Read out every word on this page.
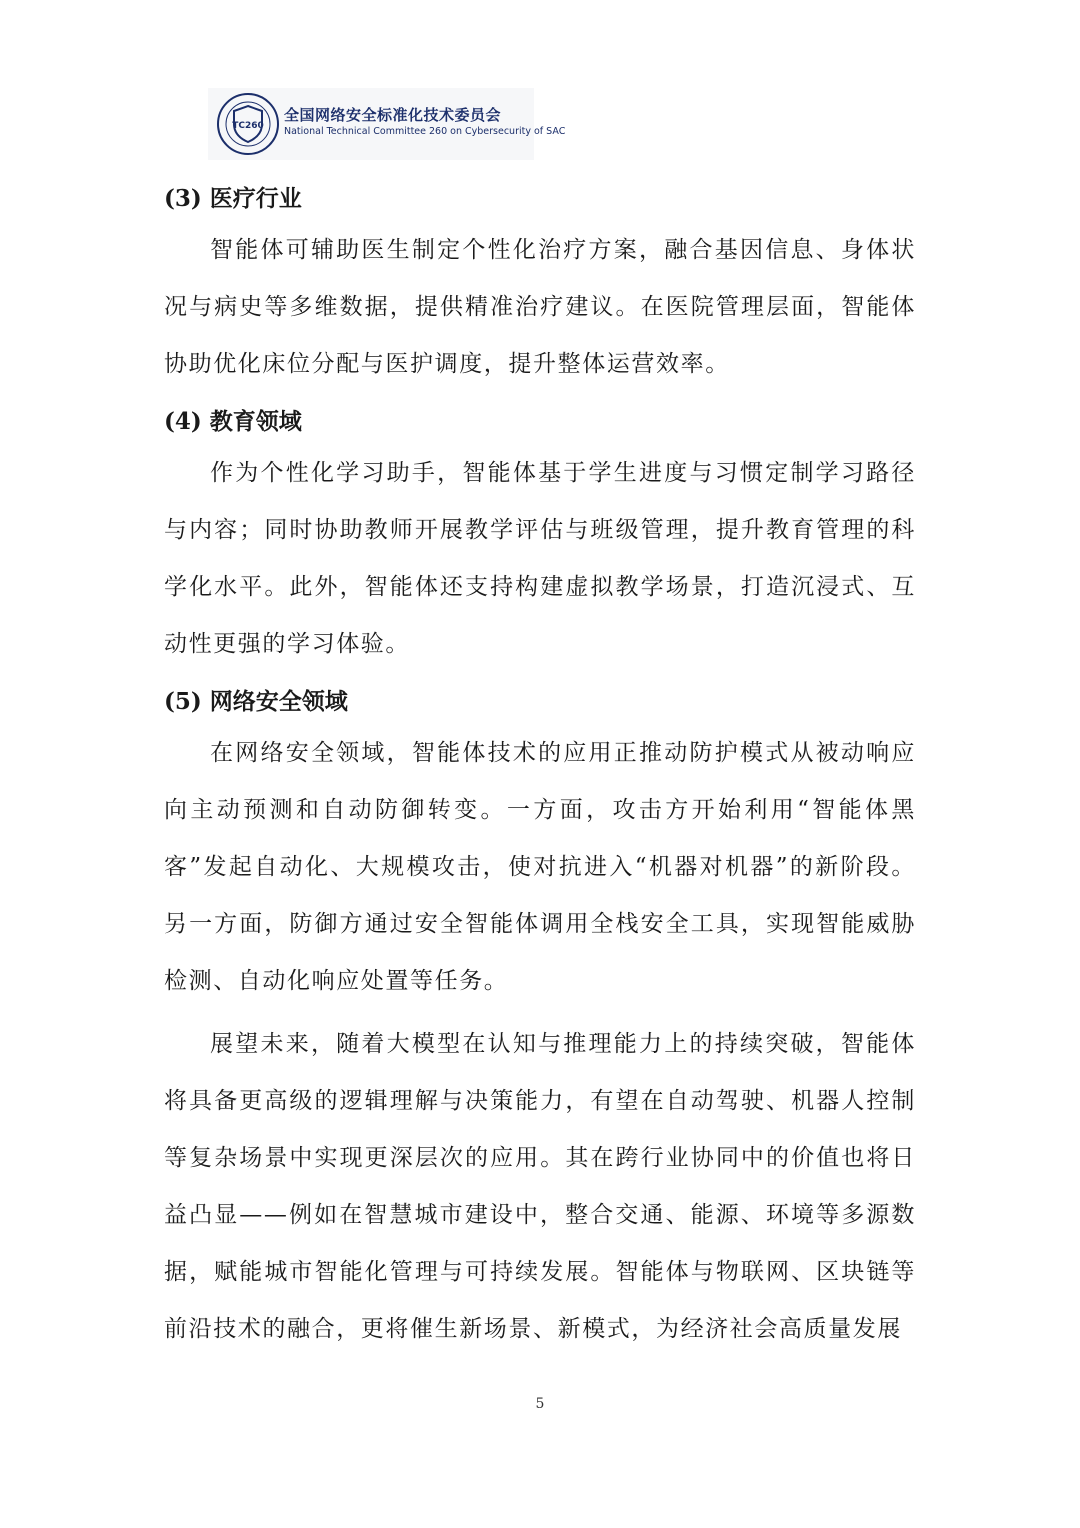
TC260
全国网络安全标准化技术委员会
National Technical Committee 260 on Cybersecurity of SAC
(3) 医疗行业

智能体可辅助医生制定个性化治疗方案，融合基因信息、身体状况与病史等多维数据，提供精准治疗建议。在医院管理层面，智能体协助优化床位分配与医护调度，提升整体运营效率。

(4) 教育领域

作为个性化学习助手，智能体基于学生进度与习惯定制学习路径与内容；同时协助教师开展教学评估与班级管理，提升教育管理的科学化水平。此外，智能体还支持构建虚拟教学场景，打造沉浸式、互动性更强的学习体验。

(5) 网络安全领域

在网络安全领域，智能体技术的应用正推动防护模式从被动响应向主动预测和自动防御转变。一方面，攻击方开始利用“智能体黑客”发起自动化、大规模攻击，使对抗进入“机器对机器”的新阶段。另一方面，防御方通过安全智能体调用全栈安全工具，实现智能威胁检测、自动化响应处置等任务。

展望未来，随着大模型在认知与推理能力上的持续突破，智能体将具备更高级的逻辑理解与决策能力，有望在自动驾驶、机器人控制等复杂场景中实现更深层次的应用。其在跨行业协同中的价值也将日益凸显——例如在智慧城市建设中，整合交通、能源、环境等多源数据，赋能城市智能化管理与可持续发展。智能体与物联网、区块链等前沿技术的融合，更将催生新场景、新模式，为经济社会高质量发展

5
